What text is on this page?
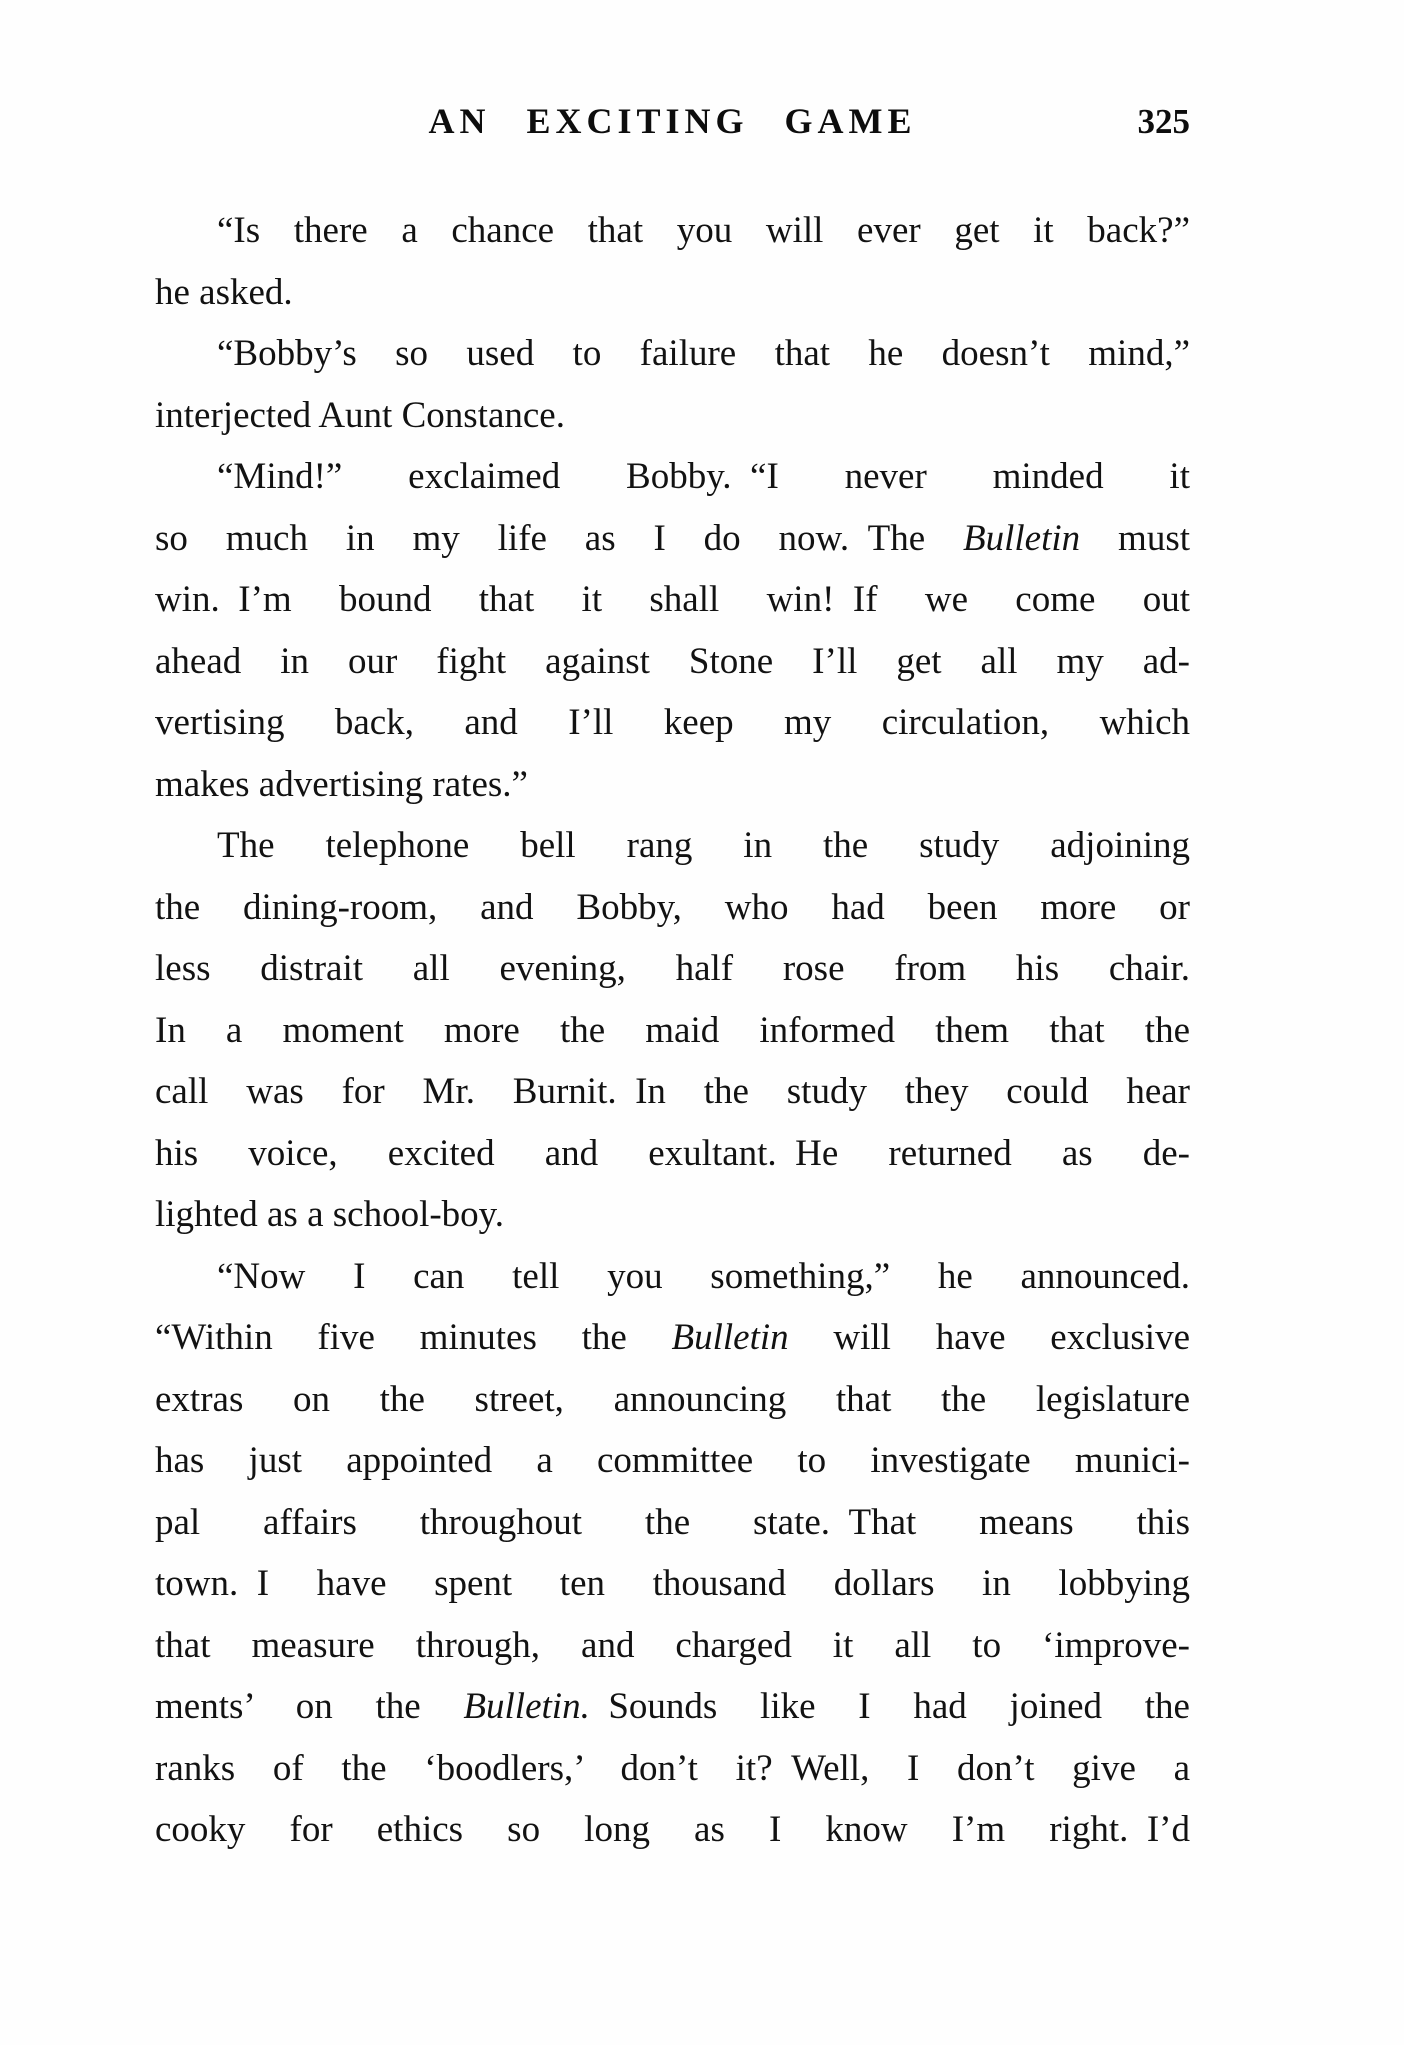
AN EXCITING GAME	325
“Is there a chance that you will ever get it back?”
he asked.
“Bobby’s so used to failure that he doesn’t mind,”
interjected Aunt Constance.
“Mind!” exclaimed Bobby. “I never minded it
so much in my life as I do now. The Bulletin must
win. I’m bound that it shall win! If we come out
ahead in our fight against Stone I’ll get all my ad-
vertising back, and I’ll keep my circulation, which
makes advertising rates.”
The telephone bell rang in the study adjoining
the dining-room, and Bobby, who had been more or
less distrait all evening, half rose from his chair.
In a moment more the maid informed them that the
call was for Mr. Burnit. In the study they could hear
his voice, excited and exultant. He returned as de-
lighted as a school-boy.
“Now I can tell you something,” he announced.
“Within five minutes the Bulletin will have exclusive
extras on the street, announcing that the legislature
has just appointed a committee to investigate munici-
pal affairs throughout the state. That means this
town. I have spent ten thousand dollars in lobbying
that measure through, and charged it all to ‘improve-
ments’ on the Bulletin. Sounds like I had joined the
ranks of the ‘boodlers,’ don’t it? Well, I don’t give a
cooky for ethics so long as I know I’m right. I’d
